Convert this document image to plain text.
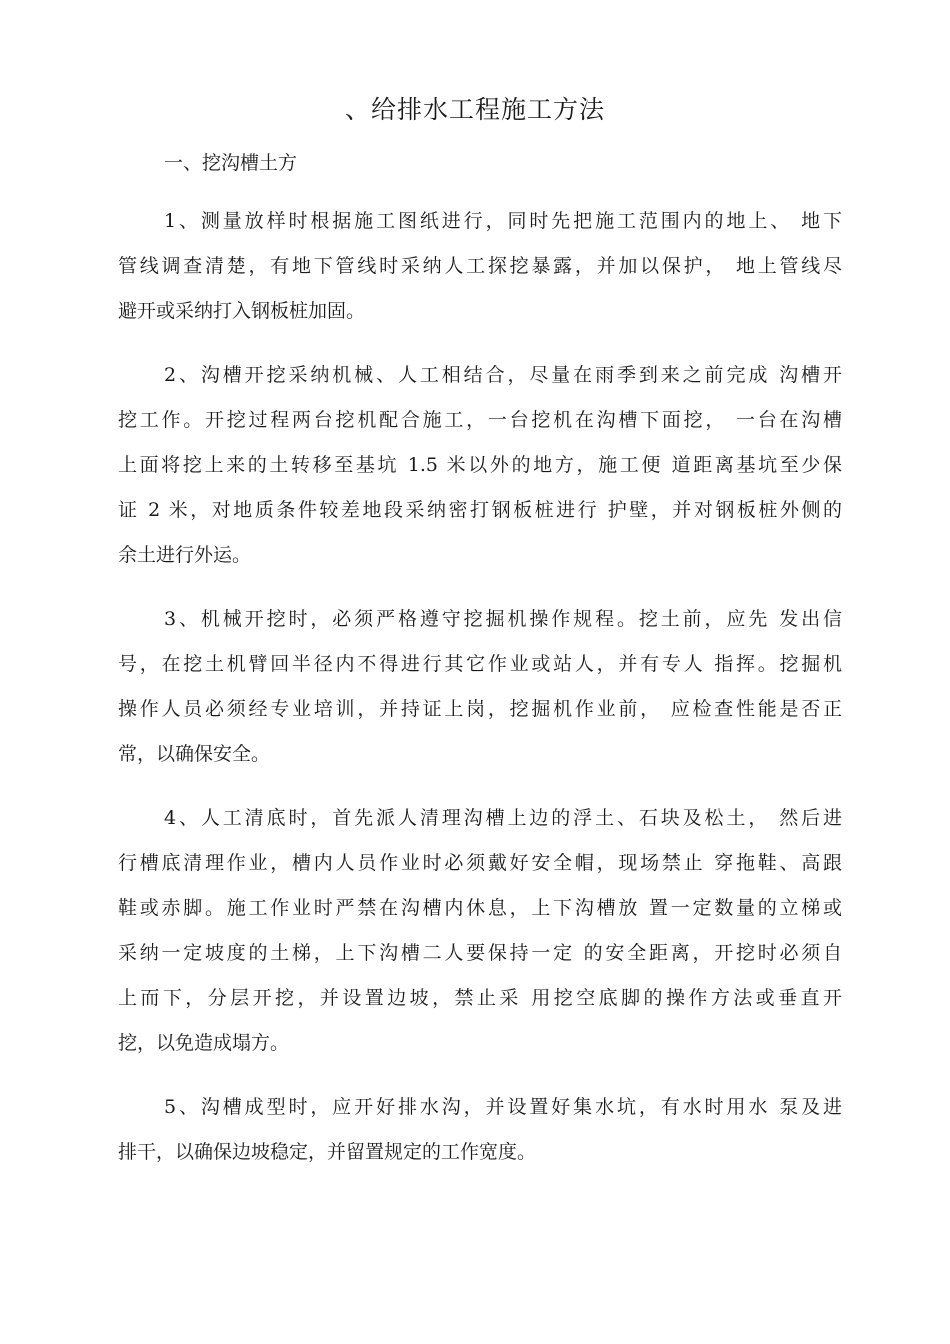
、给排水工程施工方法
一、挖沟槽土方
1、测量放样时根据施工图纸进行，同时先把施工范围内的地上、 地下
管线调查清楚，有地下管线时采纳人工探挖暴露，并加以保护， 地上管线尽
避开或采纳打入钢板桩加固。
2、沟槽开挖采纳机械、人工相结合，尽量在雨季到来之前完成 沟槽开
挖工作。开挖过程两台挖机配合施工，一台挖机在沟槽下面挖， 一台在沟槽
上面将挖上来的土转移至基坑 1.5 米以外的地方，施工便 道距离基坑至少保
证 2 米，对地质条件较差地段采纳密打钢板桩进行 护壁，并对钢板桩外侧的
余土进行外运。
3、机械开挖时，必须严格遵守挖掘机操作规程。挖土前，应先 发出信
号，在挖土机臂回半径内不得进行其它作业或站人，并有专人 指挥。挖掘机
操作人员必须经专业培训，并持证上岗，挖掘机作业前， 应检查性能是否正
常，以确保安全。
4、人工清底时，首先派人清理沟槽上边的浮土、石块及松土， 然后进
行槽底清理作业，槽内人员作业时必须戴好安全帽，现场禁止 穿拖鞋、高跟
鞋或赤脚。施工作业时严禁在沟槽内休息，上下沟槽放 置一定数量的立梯或
采纳一定坡度的土梯，上下沟槽二人要保持一定 的安全距离，开挖时必须自
上而下，分层开挖，并设置边坡，禁止采 用挖空底脚的操作方法或垂直开
挖，以免造成塌方。
5、沟槽成型时，应开好排水沟，并设置好集水坑，有水时用水 泵及进
排干，以确保边坡稳定，并留置规定的工作宽度。
